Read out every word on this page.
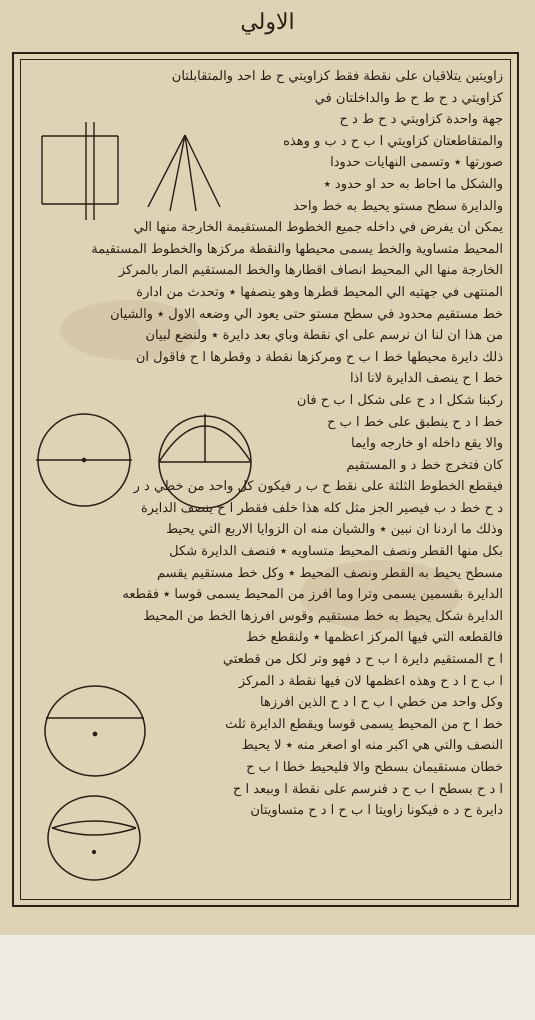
الاولي
زاويتين يتلاقيان على نقطة فقط كزاويتي ح ط احد والمتقابلتان
كزاويتي د ح ط ح ط والداخلتان في
جهة واحدة كزاويتي د ح ط د ح
والمتقاطعتان كزاويتي ا ب ح د ب و وهذه
صورتها ٭ وتسمى النهايات حدودا
والشكل ما احاط به حد او حدود ٭
والدايرة سطح مستو يحيط به خط واحد
يمكن ان يفرض في داخله جميع الخطوط المستقيمة الخارجة منها الي
المحيط متساوية والخط يسمى محيطها والنقطة مركزها والخطوط المستقيمة
الخارجة منها الي المحيط انصاف اقطارها والخط المستقيم المار بالمركز
المنتهى في جهتيه الي المحيط قطرها وهو ينصفها ٭ وتحدث من ادارة
خط مستقيم محدود في سطح مستو حتى يعود الي وضعه الاول ٭ والشيان
من هذا ان لنا ان نرسم على اي نقطة وباي بعد دايرة ٭ ولنضع لبيان
ذلك دايرة محيطها خط ا ب ح ومركزها نقطة د وقطرها ا ح فاقول ان
خط ا ح ينصف الدايرة لانا اذا
ركبنا شكل ا د ح على شكل ا ب ح فان
خط ا د ح ينطبق على خط ا ب ح
والا يقع داخله او خارجه وايما
كان فتخرج خط د و المستقيم
فيقطع الخطوط الثلثة على نقط ح ب ر فيكون كل واحد من خطي د ر
د ح خط د ب فيصير الجز مثل كله هذا خلف فقطر ا ح ينصف الدايرة
وذلك ما اردنا ان نبين ٭ والشيان منه ان الزوايا الاربع التي يحيط
بكل منها القطر ونصف المحيط متساويه ٭ فنصف الدايرة شكل
مسطح يحيط به القطر ونصف المحيط ٭ وكل خط مستقيم يقسم
الدايرة بقسمين يسمى وترا وما افرز من المحيط يسمى قوسا ٭ فقطعه
الدايرة شكل يحيط به خط مستقيم وقوس افرزها الخط من المحيط
فالقطعه التي فيها المركز اعظمها ٭ ولنقطع خط
ا ح المستقيم دايرة ا ب ح د فهو وتر لكل من قطعتي
ا ب ح ا د ح وهذه اعظمها لان فيها نقطة د المركز
وكل واحد من خطي ا ب ح ا د ح الذين افرزها
خط ا ح من المحيط يسمى قوسا ويقطع الدايرة ثلث
النصف والتي هي اكبر منه او اصغر منه ٭ لا يحيط
خطان مستقيمان بسطح والا فليحيط خطا ا ب ح
ا د ح بسطح ا ب ح د فنرسم على نقطة ا وببعد ا ح
دايرة ح د ه فيكونا زاويتا ا ب ح ا د ح متساويتان
